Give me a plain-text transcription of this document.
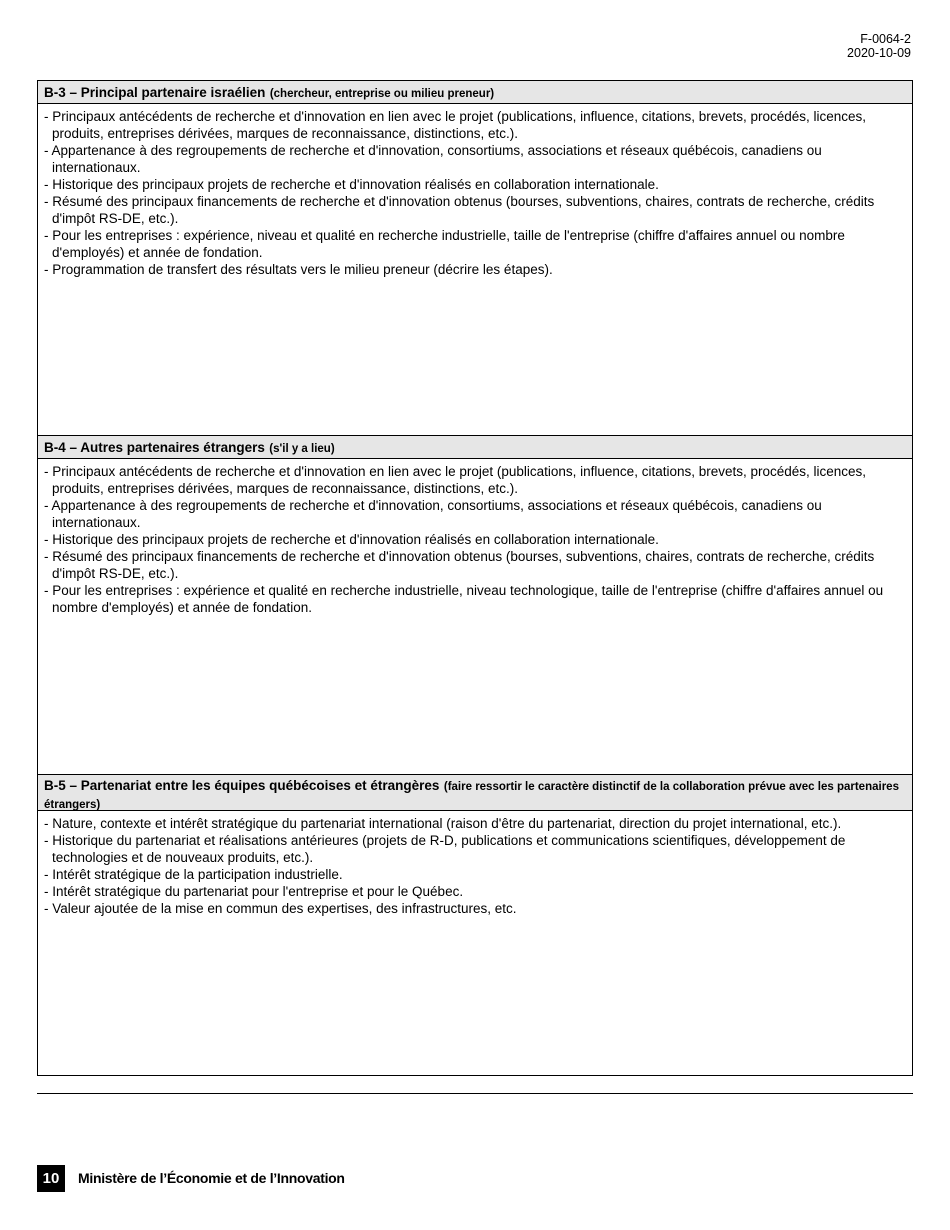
F-0064-2
2020-10-09
B-3 – Principal partenaire israélien (chercheur, entreprise ou milieu preneur)
- Principaux antécédents de recherche et d'innovation en lien avec le projet (publications, influence, citations, brevets, procédés, licences, produits, entreprises dérivées, marques de reconnaissance, distinctions, etc.).
- Appartenance à des regroupements de recherche et d'innovation, consortiums, associations et réseaux québécois, canadiens ou internationaux.
- Historique des principaux projets de recherche et d'innovation réalisés en collaboration internationale.
- Résumé des principaux financements de recherche et d'innovation obtenus (bourses, subventions, chaires, contrats de recherche, crédits d'impôt RS-DE, etc.).
- Pour les entreprises : expérience, niveau et qualité en recherche industrielle, taille de l'entreprise (chiffre d'affaires annuel ou nombre d'employés) et année de fondation.
- Programmation de transfert des résultats vers le milieu preneur (décrire les étapes).
B-4 – Autres partenaires étrangers (s'il y a lieu)
- Principaux antécédents de recherche et d'innovation en lien avec le projet (publications, influence, citations, brevets, procédés, licences, produits, entreprises dérivées, marques de reconnaissance, distinctions, etc.).
- Appartenance à des regroupements de recherche et d'innovation, consortiums, associations et réseaux québécois, canadiens ou internationaux.
- Historique des principaux projets de recherche et d'innovation réalisés en collaboration internationale.
- Résumé des principaux financements de recherche et d'innovation obtenus (bourses, subventions, chaires, contrats de recherche, crédits d'impôt RS-DE, etc.).
- Pour les entreprises : expérience et qualité en recherche industrielle, niveau technologique, taille de l'entreprise (chiffre d'affaires annuel ou nombre d'employés) et année de fondation.
B-5 – Partenariat entre les équipes québécoises et étrangères (faire ressortir le caractère distinctif de la collaboration prévue avec les partenaires étrangers)
- Nature, contexte et intérêt stratégique du partenariat international (raison d'être du partenariat, direction du projet international, etc.).
- Historique du partenariat et réalisations antérieures (projets de R-D, publications et communications scientifiques, développement de technologies et de nouveaux produits, etc.).
- Intérêt stratégique de la participation industrielle.
- Intérêt stratégique du partenariat pour l'entreprise et pour le Québec.
- Valeur ajoutée de la mise en commun des expertises, des infrastructures, etc.
10	Ministère de l’Économie et de l’Innovation
